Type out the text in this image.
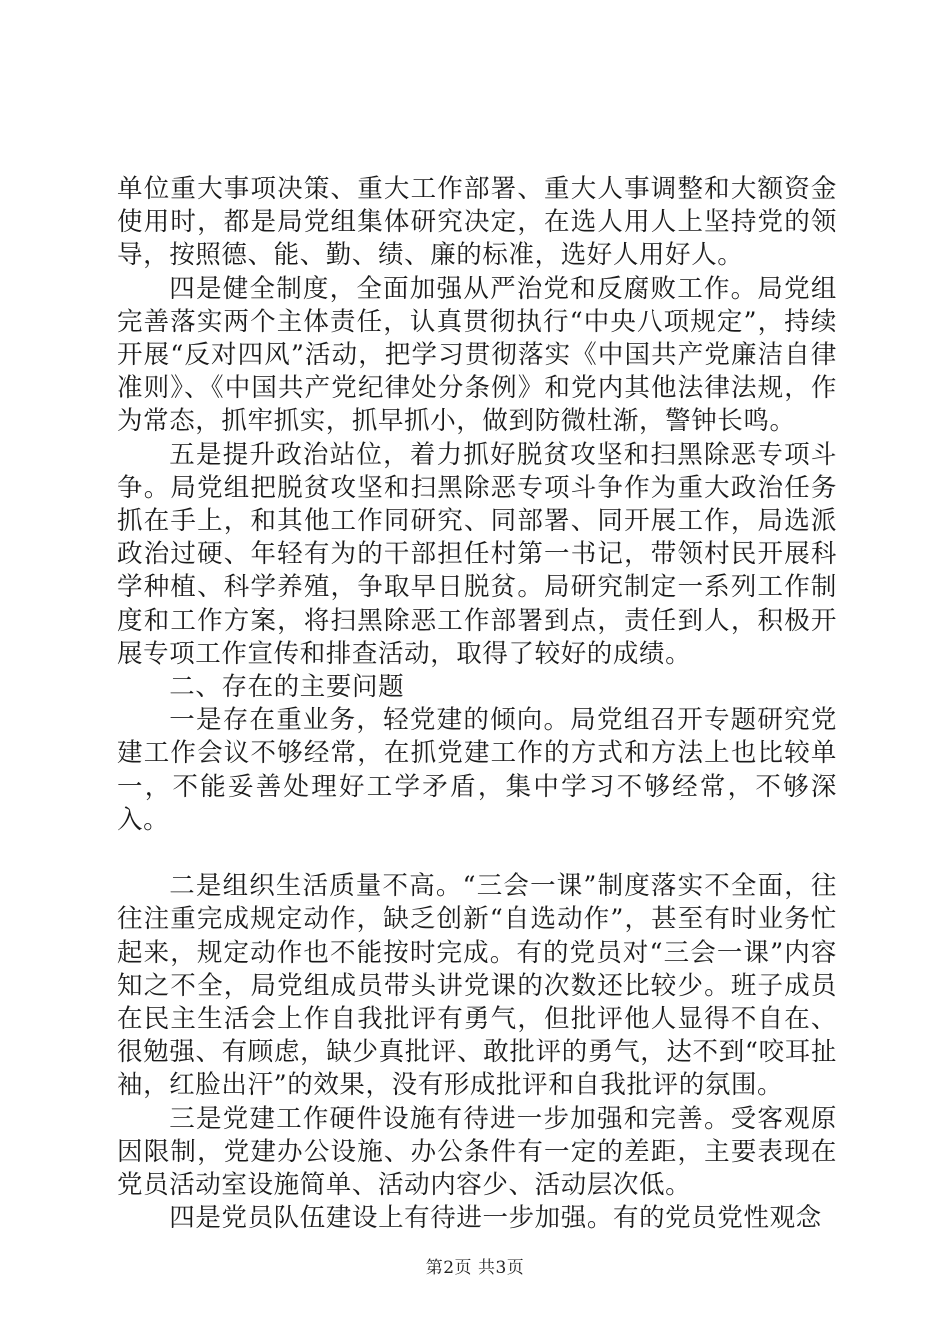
单位重大事项决策、重大工作部署、重大人事调整和大额资金使用时，都是局党组集体研究决定，在选人用人上坚持党的领导，按照德、能、勤、绩、廉的标准，选好人用好人。

四是健全制度，全面加强从严治党和反腐败工作。局党组完善落实两个主体责任，认真贯彻执行“中央八项规定”，持续开展“反对四风”活动，把学习贯彻落实《中国共产党廉洁自律准则》、《中国共产党纪律处分条例》和党内其他法律法规，作为常态，抓牢抓实，抓早抓小，做到防微杜渐，警钟长鸣。

五是提升政治站位，着力抓好脱贫攻坚和扫黑除恶专项斗争。局党组把脱贫攻坚和扫黑除恶专项斗争作为重大政治任务抓在手上，和其他工作同研究、同部署、同开展工作，局选派政治过硬、年轻有为的干部担任村第一书记，带领村民开展科学种植、科学养殖，争取早日脱贫。局研究制定一系列工作制度和工作方案，将扫黑除恶工作部署到点，责任到人，积极开展专项工作宣传和排查活动，取得了较好的成绩。

二、存在的主要问题

一是存在重业务，轻党建的倾向。局党组召开专题研究党建工作会议不够经常，在抓党建工作的方式和方法上也比较单一，不能妥善处理好工学矛盾，集中学习不够经常，不够深入。

二是组织生活质量不高。“三会一课”制度落实不全面，往往注重完成规定动作，缺乏创新“自选动作”，甚至有时业务忙起来，规定动作也不能按时完成。有的党员对“三会一课”内容知之不全，局党组成员带头讲党课的次数还比较少。班子成员在民主生活会上作自我批评有勇气，但批评他人显得不自在、很勉强、有顾虑，缺少真批评、敢批评的勇气，达不到“咬耳扯袖，红脸出汗”的效果，没有形成批评和自我批评的氛围。

三是党建工作硬件设施有待进一步加强和完善。受客观原因限制，党建办公设施、办公条件有一定的差距，主要表现在党员活动室设施简单、活动内容少、活动层次低。

四是党员队伍建设上有待进一步加强。有的党员党性观念

第2页 共3页
